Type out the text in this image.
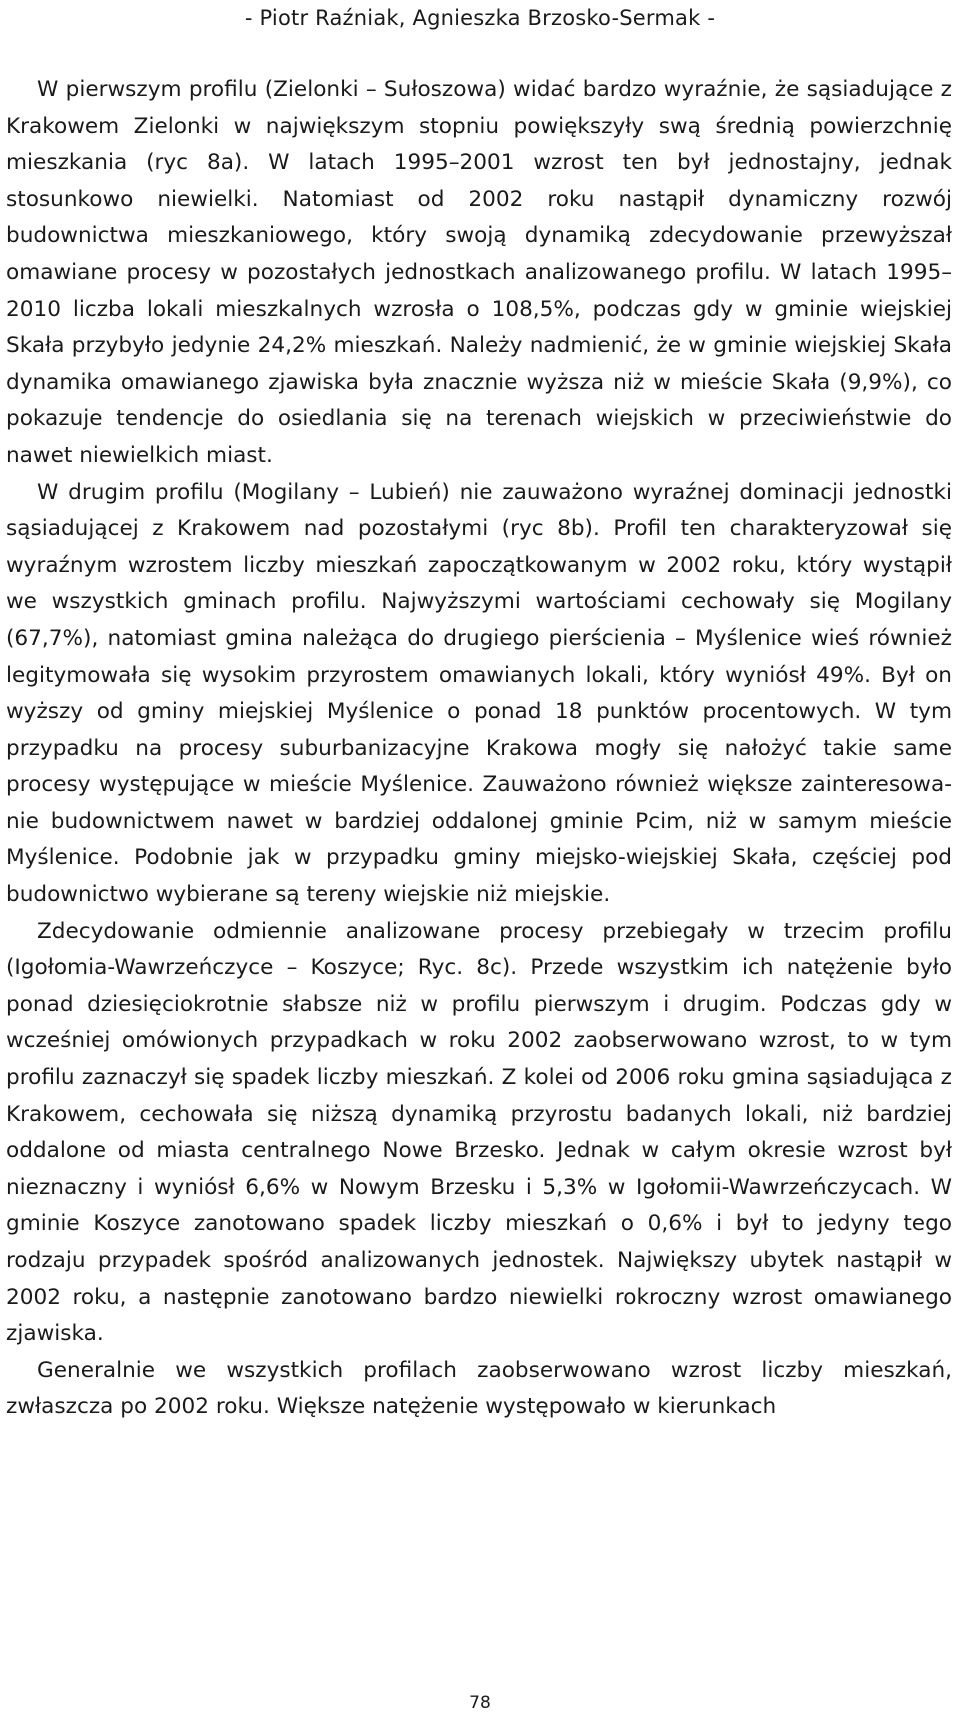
- Piotr Raźniak, Agnieszka Brzosko-Sermak -

W pierwszym profilu (Zielonki – Sułoszowa) widać bardzo wyraźnie, że sąsiadujące z Krakowem Zielonki w największym stopniu powiększyły swą średnią powierzchnię mieszkania (ryc 8a). W latach 1995–2001 wzrost ten był jednostajny, jednak stosunkowo niewielki. Natomiast od 2002 roku nastąpił dynamiczny rozwój budownictwa mieszkaniowego, który swoją dynamiką zdecydowanie przewyższał omawiane procesy w pozostałych jednostkach analizowanego profilu. W latach 1995–2010 liczba lokali mieszkalnych wzrosła o 108,5%, podczas gdy w gminie wiejskiej Skała przybyło jedynie 24,2% mieszkań. Należy nadmienić, że w gminie wiejskiej Skała dynamika omawianego zjawiska była znacznie wyższa niż w mieście Skała (9,9%), co pokazuje tendencje do osiedlania się na terenach wiejskich w przeciwieństwie do nawet niewielkich miast.

W drugim profilu (Mogilany – Lubień) nie zauważono wyraźnej dominacji jednostki sąsiadującej z Krakowem nad pozostałymi (ryc 8b). Profil ten charakteryzował się wyraźnym wzrostem liczby mieszkań zapoczątkowanym w 2002 roku, który wystąpił we wszystkich gminach profilu. Najwyższymi wartościami cechowały się Mogilany (67,7%), natomiast gmina należąca do drugiego pierścienia – Myślenice wieś również legitymowała się wysokim przyrostem omawianych lokali, który wyniósł 49%. Był on wyższy od gminy miejskiej Myślenice o ponad 18 punktów procentowych. W tym przypadku na procesy suburbanizacyjne Krakowa mogły się nałożyć takie same procesy występujące w mieście Myślenice. Zauważono również większe zainteresowanie budownictwem nawet w bardziej oddalonej gminie Pcim, niż w samym mieście Myślenice. Podobnie jak w przypadku gminy miejsko-wiejskiej Skała, częściej pod budownictwo wybierane są tereny wiejskie niż miejskie.

Zdecydowanie odmiennie analizowane procesy przebiegały w trzecim profilu (Igołomia-Wawrzeńczyce – Koszyce; Ryc. 8c). Przede wszystkim ich natężenie było ponad dziesięciokrotnie słabsze niż w profilu pierwszym i drugim. Podczas gdy w wcześniej omówionych przypadkach w roku 2002 zaobserwowano wzrost, to w tym profilu zaznaczył się spadek liczby mieszkań. Z kolei od 2006 roku gmina sąsiadująca z Krakowem, cechowała się niższą dynamiką przyrostu badanych lokali, niż bardziej oddalone od miasta centralnego Nowe Brzesko. Jednak w całym okresie wzrost był nieznaczny i wyniósł 6,6% w Nowym Brzesku i 5,3% w Igołomii-Wawrzeńczycach. W gminie Koszyce zanotowano spadek liczby mieszkań o 0,6% i był to jedyny tego rodzaju przypadek spośród analizowanych jednostek. Największy ubytek nastąpił w 2002 roku, a następnie zanotowano bardzo niewielki rokroczny wzrost omawianego zjawiska.

Generalnie we wszystkich profilach zaobserwowano wzrost liczby mieszkań, zwłaszcza po 2002 roku. Większe natężenie występowało w kierunkach

78
